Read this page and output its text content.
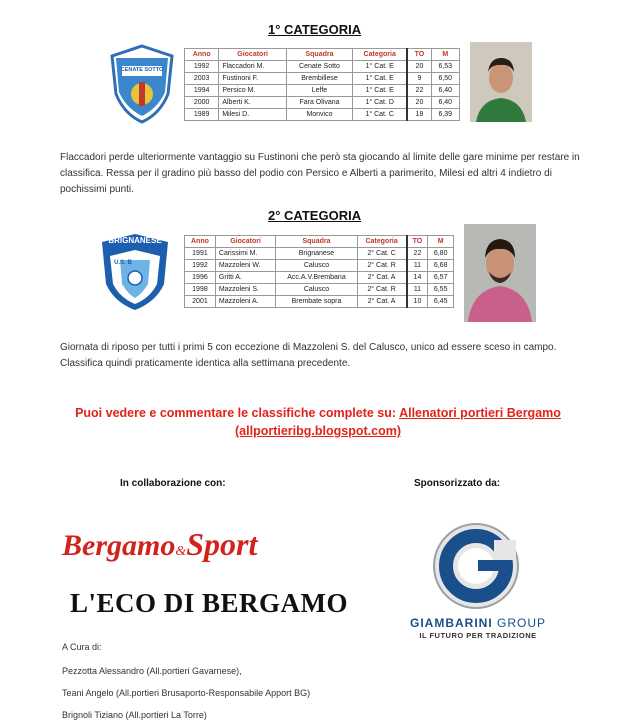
1° CATEGORIA
CENATE SOTTO
Anno	Giocatori	Squadra	Categoria	TO	M
1992	Flaccadori M.	Cenate Sotto	1° Cat. E	20	6,53
2003	Fustinoni F.	Brembillese	1° Cat. E	9	6,50
1994	Persico M.	Leffe	1° Cat. E	22	6,40
2000	Alberti K.	Fara Olivana	1° Cat. D	20	6,40
1989	Milesi D.	Monvico	1° Cat. C	18	6,39
Flaccadori perde ulteriormente vantaggio su Fustinoni che però sta giocando al limite delle gare minime per restare in classifica. Ressa per il gradino più basso del podio con Persico e Alberti a parimerito, Milesi ed altri 4 indietro di pochissimi punti.
2° CATEGORIA
BRIGNANESE
U.S. B
Anno	Giocatori	Squadra	Categoria	TO	M
1991	Carissimi M.	Brignanese	2° Cat. C	22	6,80
1992	Mazzoleni W.	Calusco	2° Cat. R	11	6,68
1996	Gritti A.	Acc.A.V.Brembana	2° Cat. A	14	6,57
1998	Mazzoleni S.	Calusco	2° Cat. R	11	6,55
2001	Mazzoleni A.	Brembate sopra	2° Cat. A	10	6,45
Giornata di riposo per tutti i primi 5 con eccezione di Mazzoleni S. del Calusco, unico ad essere sceso in campo. Classifica quindi praticamente identica alla settimana precedente.
Puoi vedere e commentare le classifiche complete su: Allenatori portieri Bergamo
(allportieribg.blogspot.com)
In collaborazione con:	Sponsorizzato da:
Bergamo&Sport
L'ECO DI BERGAMO
GIAMBARINI GROUP
IL FUTURO PER TRADIZIONE
A Cura di:
Pezzotta Alessandro (All.portieri Gavarnese),
Teani Angelo (All.portieri Brusaporto-Responsabile Apport BG)
Brignoli Tiziano (All.portieri La Torre)
